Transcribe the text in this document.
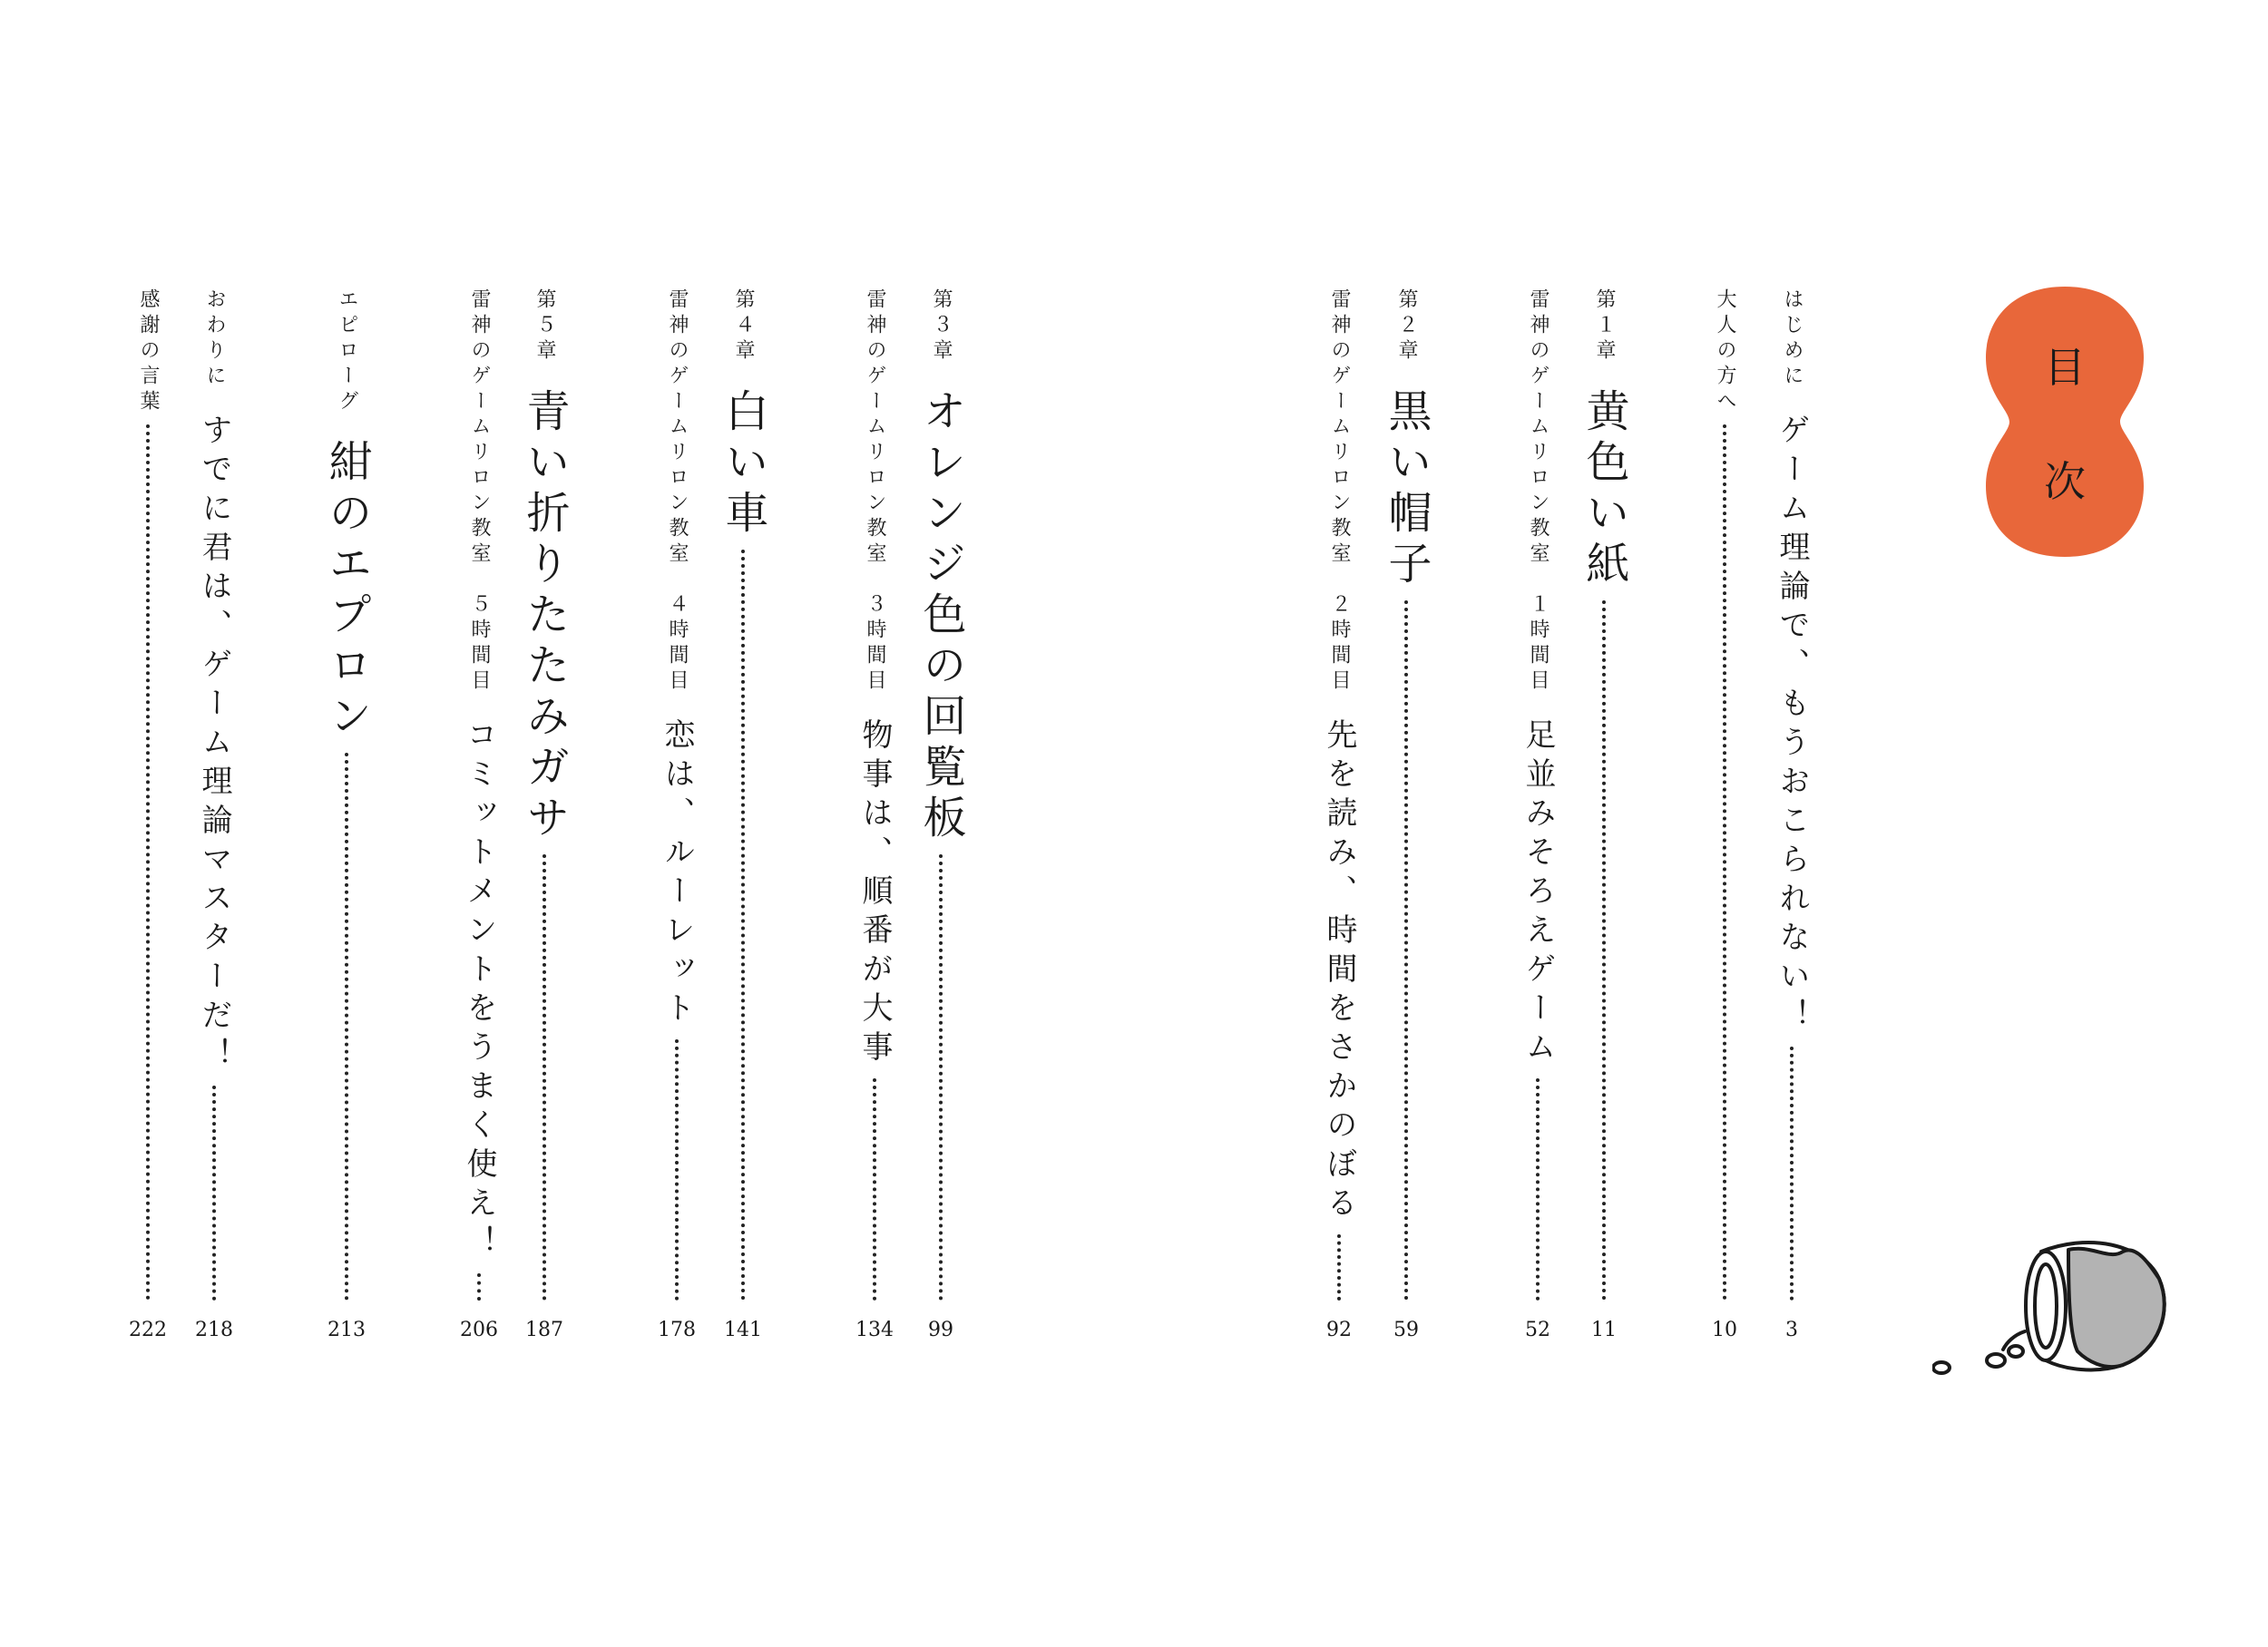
目
次
はじめに
ゲーム理論で、もうおこられない！
3
大人の方へ
10
第１章
黄色い紙
11
雷神のゲームリロン教室　１時間目
足並みそろえゲーム
52
第２章
黒い帽子
59
雷神のゲームリロン教室　２時間目
先を読み、時間をさかのぼる
92
第３章
オレンジ色の回覧板
99
雷神のゲームリロン教室　３時間目
物事は、順番が大事
134
第４章
白い車
141
雷神のゲームリロン教室　４時間目
恋は、ルーレット
178
第５章
青い折りたたみガサ
187
雷神のゲームリロン教室　５時間目
コミットメントをうまく使え！
206
エピローグ
紺のエプロン
213
おわりに
すでに君は、ゲーム理論マスターだ！
218
感謝の言葉
222
